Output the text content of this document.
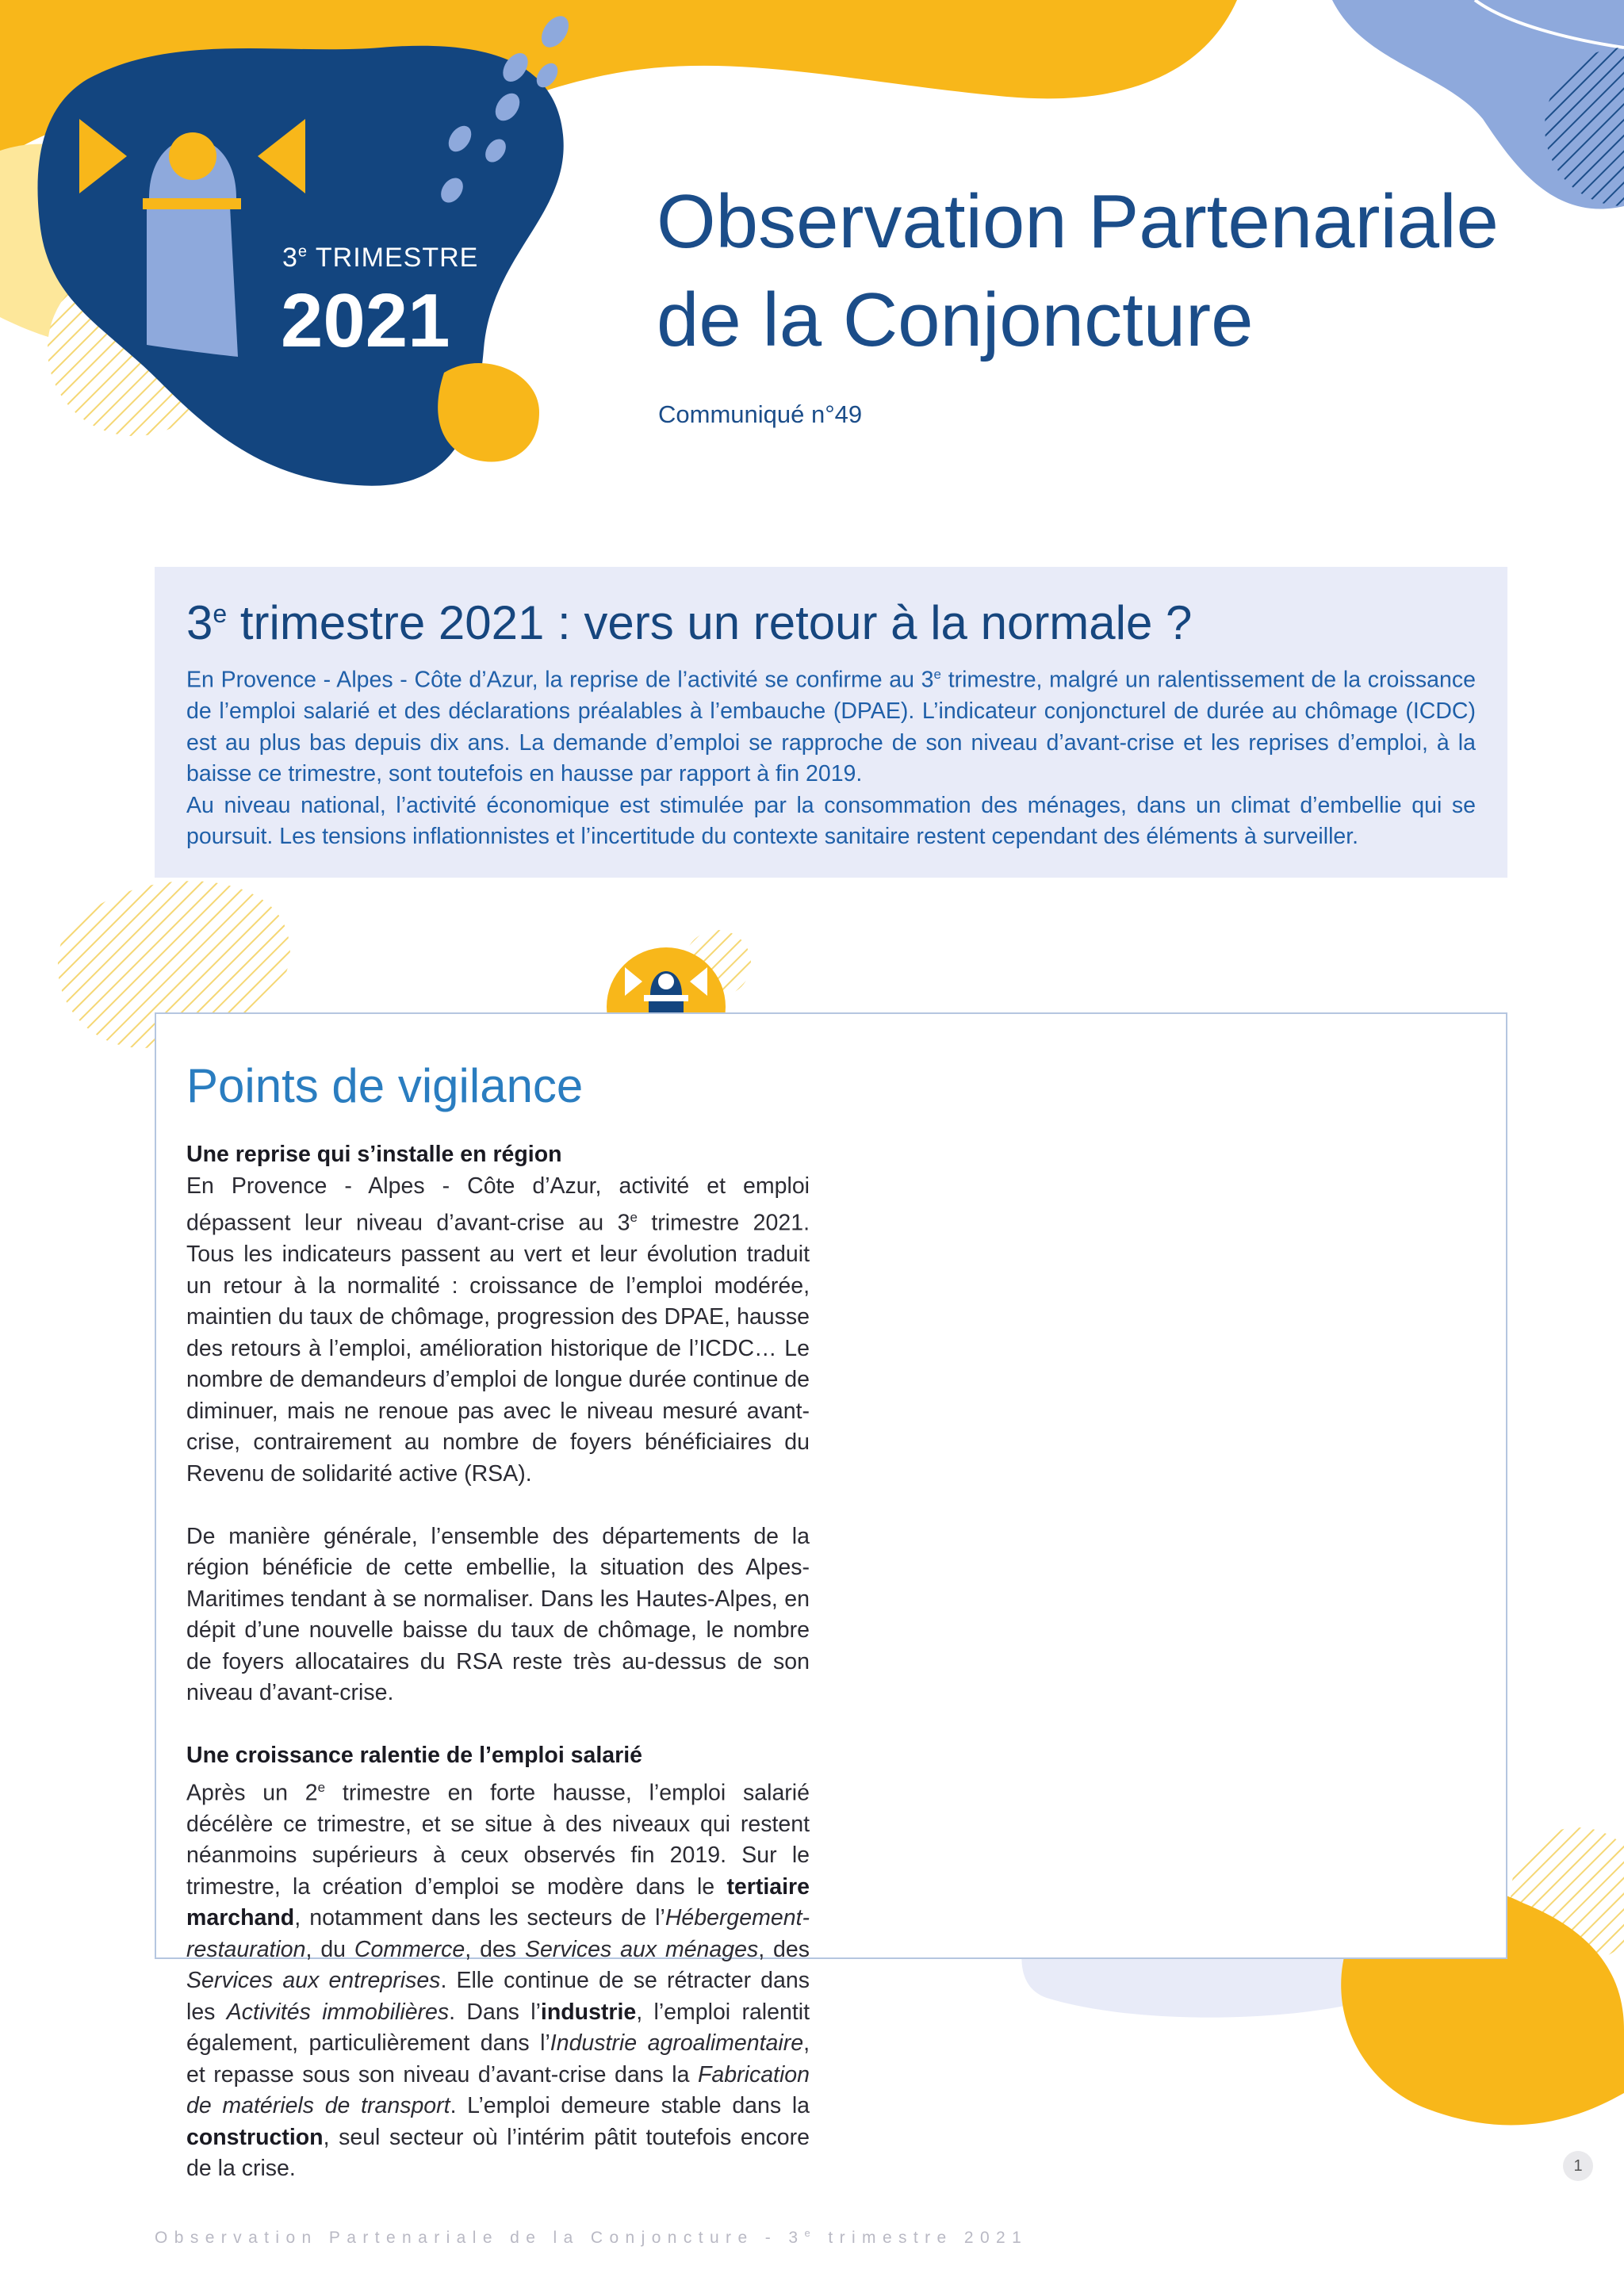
3e TRIMESTRE
2021
Observation Partenariale
de la Conjoncture
Communiqué n°49
3e trimestre 2021 : vers un retour à la normale ?

En Provence - Alpes - Côte d’Azur, la reprise de l’activité se confirme au 3e trimestre, malgré un ralentissement de la croissance de l’emploi salarié et des déclarations préalables à l’embauche (DPAE). L’indicateur conjoncturel de durée au chômage (ICDC) est au plus bas depuis dix ans. La demande d’emploi se rapproche de son niveau d’avant-crise et les reprises d’emploi, à la baisse ce trimestre, sont toutefois en hausse par rapport à fin 2019.

Au niveau national, l’activité économique est stimulée par la consommation des ménages, dans un climat d’embellie qui se poursuit. Les tensions inflationnistes et l’incertitude du contexte sanitaire restent cependant des éléments à surveiller.

Points de vigilance
Une reprise qui s’installe en région

En Provence - Alpes - Côte d’Azur, activité et emploi dépassent leur niveau d’avant-crise au 3e trimestre 2021. Tous les indicateurs passent au vert et leur évolution traduit un retour à la normalité : croissance de l’emploi modérée, maintien du taux de chômage, progression des DPAE, hausse des retours à l’emploi, amélioration historique de l’ICDC… Le nombre de demandeurs d’emploi de longue durée continue de diminuer, mais ne renoue pas avec le niveau mesuré avant-crise, contrairement au nombre de foyers bénéficiaires du Revenu de solidarité active (RSA).

De manière générale, l’ensemble des départements de la région bénéficie de cette embellie, la situation des Alpes-Maritimes tendant à se normaliser. Dans les Hautes-Alpes, en dépit d’une nouvelle baisse du taux de chômage, le nombre de foyers allocataires du RSA reste très au-dessus de son niveau d’avant-crise.

Une croissance ralentie de l’emploi salarié

Après un 2e trimestre en forte hausse, l’emploi salarié décélère ce trimestre, et se situe à des niveaux qui restent néanmoins supérieurs à ceux observés fin 2019. Sur le trimestre, la création d’emploi se modère dans le tertiaire marchand, notamment dans les secteurs de l’Hébergement-restauration, du Commerce, des Services aux ménages, des Services aux entreprises. Elle continue de se rétracter dans les Activités immobilières. Dans l’industrie, l’emploi ralentit également, particulièrement dans l’Industrie agroalimentaire, et repasse sous son niveau d’avant-crise dans la Fabrication de matériels de transport. L’emploi demeure stable dans la construction, seul secteur où l’intérim pâtit toutefois encore de la crise.	1
Observation Partenariale de la Conjoncture - 3e trimestre 2021
